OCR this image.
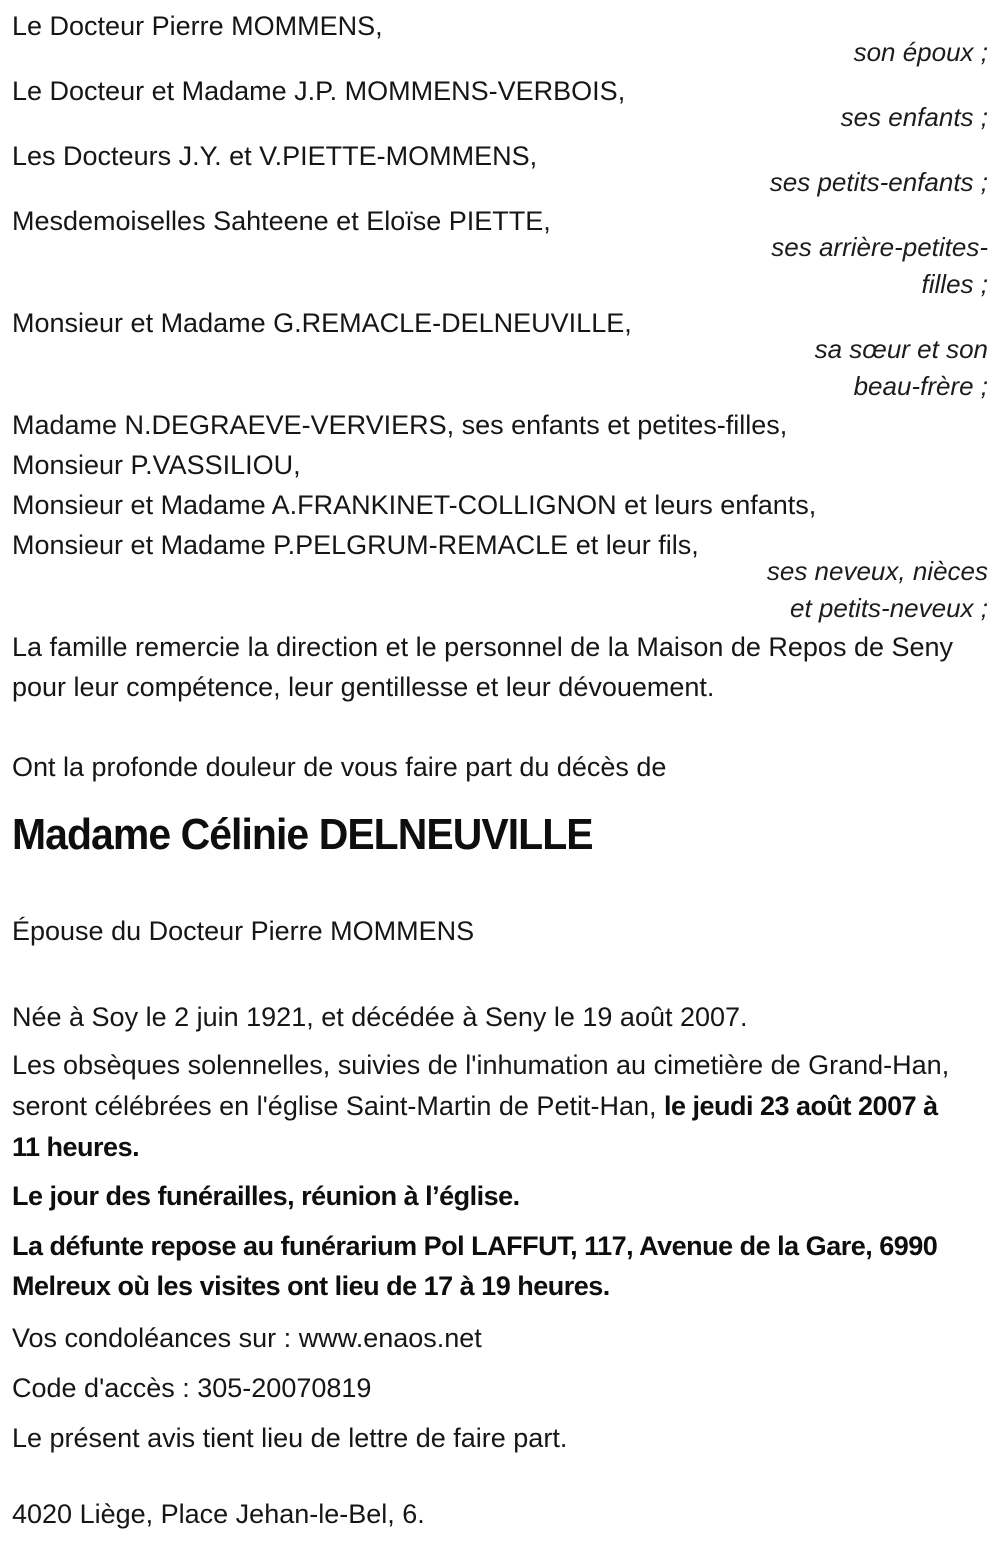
Le Docteur Pierre MOMMENS,
son époux ;
Le Docteur et Madame J.P. MOMMENS-VERBOIS,
ses enfants ;
Les Docteurs J.Y. et V.PIETTE-MOMMENS,
ses petits-enfants ;
Mesdemoiselles Sahteene et Eloïse PIETTE,
ses arrière-petites-
filles ;
Monsieur et Madame G.REMACLE-DELNEUVILLE,
sa sœur et son
beau-frère ;
Madame N.DEGRAEVE-VERVIERS, ses enfants et petites-filles,
Monsieur P.VASSILIOU,
Monsieur et Madame A.FRANKINET-COLLIGNON et leurs enfants,
Monsieur et Madame P.PELGRUM-REMACLE et leur fils,
ses neveux, nièces
et petits-neveux ;

La famille remercie la direction et le personnel de la Maison de Repos de Seny pour leur compétence, leur gentillesse et leur dévouement.

Ont la profonde douleur de vous faire part du décès de

Madame Célinie DELNEUVILLE

Épouse du Docteur Pierre MOMMENS

Née à Soy le 2 juin 1921, et décédée à Seny le 19 août 2007.

Les obsèques solennelles, suivies de l'inhumation au cimetière de Grand-Han, seront célébrées en l'église Saint-Martin de Petit-Han, le jeudi 23 août 2007 à 11 heures.

Le jour des funérailles, réunion à l’église.

La défunte repose au funérarium Pol LAFFUT, 117, Avenue de la Gare, 6990 Melreux où les visites ont lieu de 17 à 19 heures.

Vos condoléances sur : www.enaos.net

Code d'accès : 305-20070819

Le présent avis tient lieu de lettre de faire part.

4020 Liège, Place Jehan-le-Bel, 6.
